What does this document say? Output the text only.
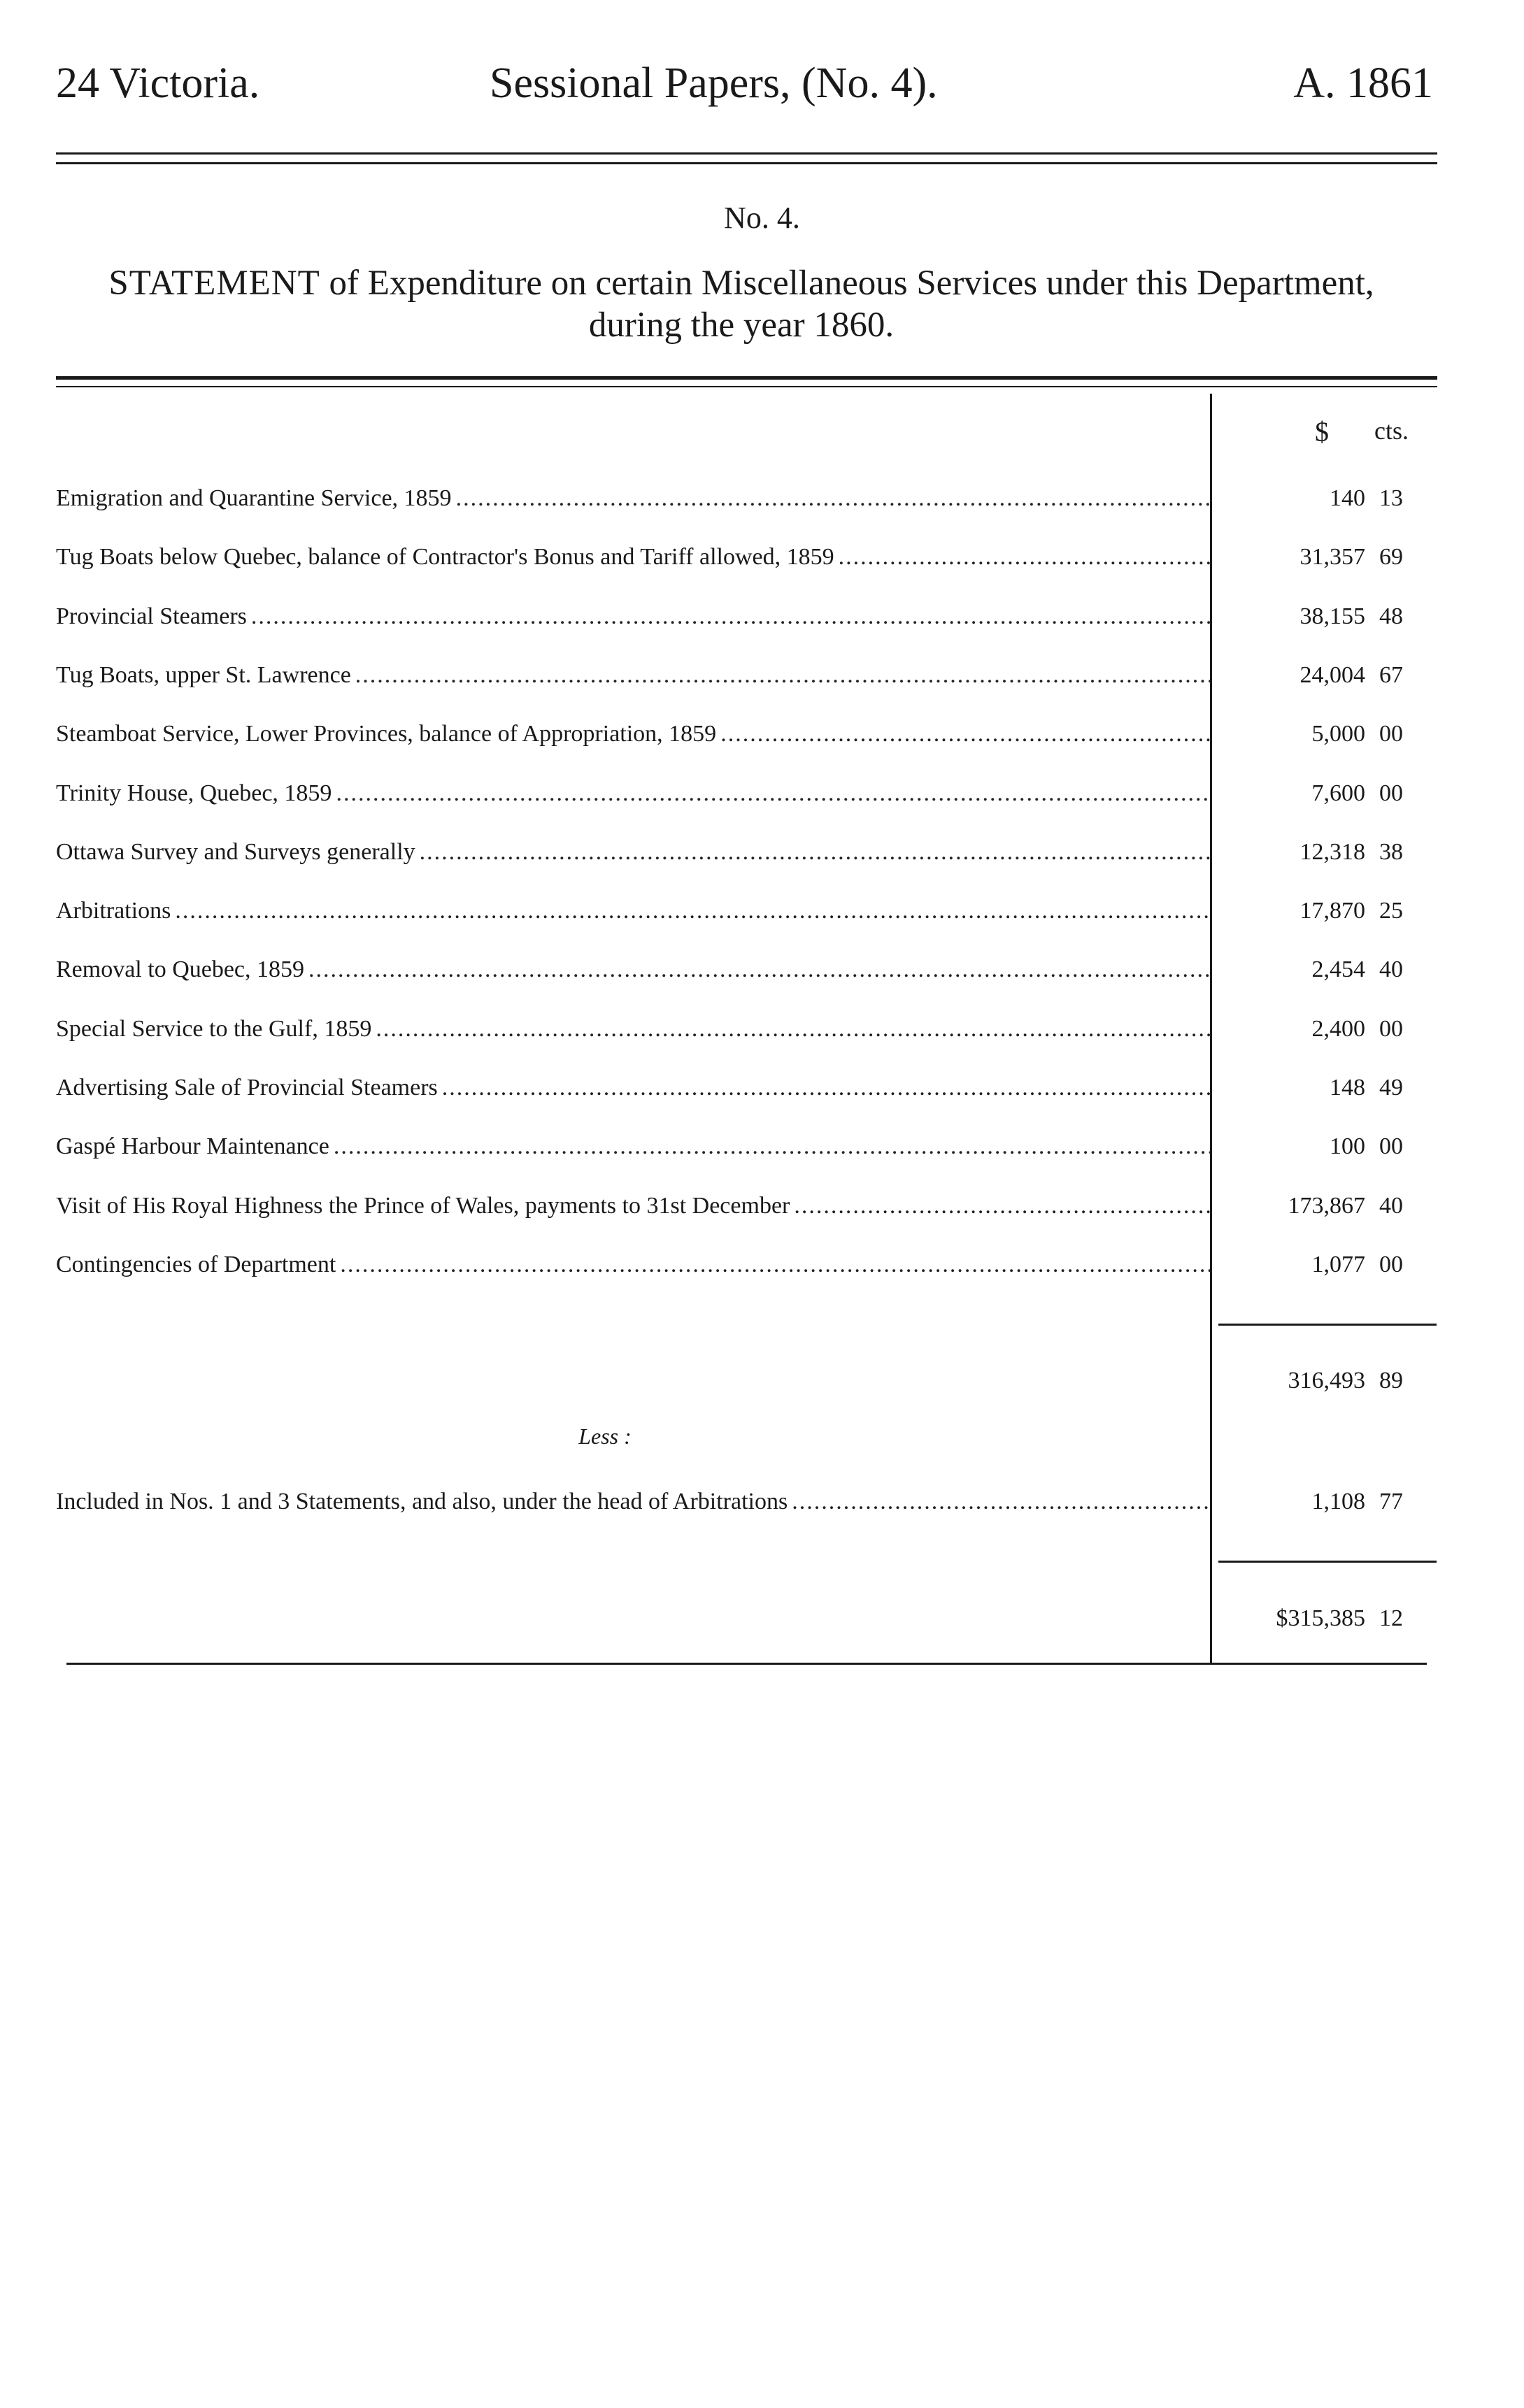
24 Victoria.	Sessional Papers, (No. 4).	A. 1861
No. 4.
STATEMENT of Expenditure on certain Miscellaneous Services under this Department,
during the year 1860.
$ cts.
Emigration and Quarantine Service, 1859 .....	140 13
Tug Boats below Quebec, balance of Contractor's Bonus and Tariff allowed, 1859 .....	31,357 69
Provincial Steamers .....	38,155 48
Tug Boats, upper St. Lawrence .....	24,004 67
Steamboat Service, Lower Provinces, balance of Appropriation, 1859 .....	5,000 00
Trinity House, Quebec, 1859 .....	7,600 00
Ottawa Survey and Surveys generally .....	12,318 38
Arbitrations .....	17,870 25
Removal to Quebec, 1859 .....	2,454 40
Special Service to the Gulf, 1859 .....	2,400 00
Advertising Sale of Provincial Steamers .....	148 49
Gaspé Harbour Maintenance .....	100 00
Visit of His Royal Highness the Prince of Wales, payments to 31st December .....	173,867 40
Contingencies of Department .....	1,077 00
316,493 89
Less :
Included in Nos. 1 and 3 Statements, and also, under the head of Arbitrations .....	1,108 77
$315,385 12
